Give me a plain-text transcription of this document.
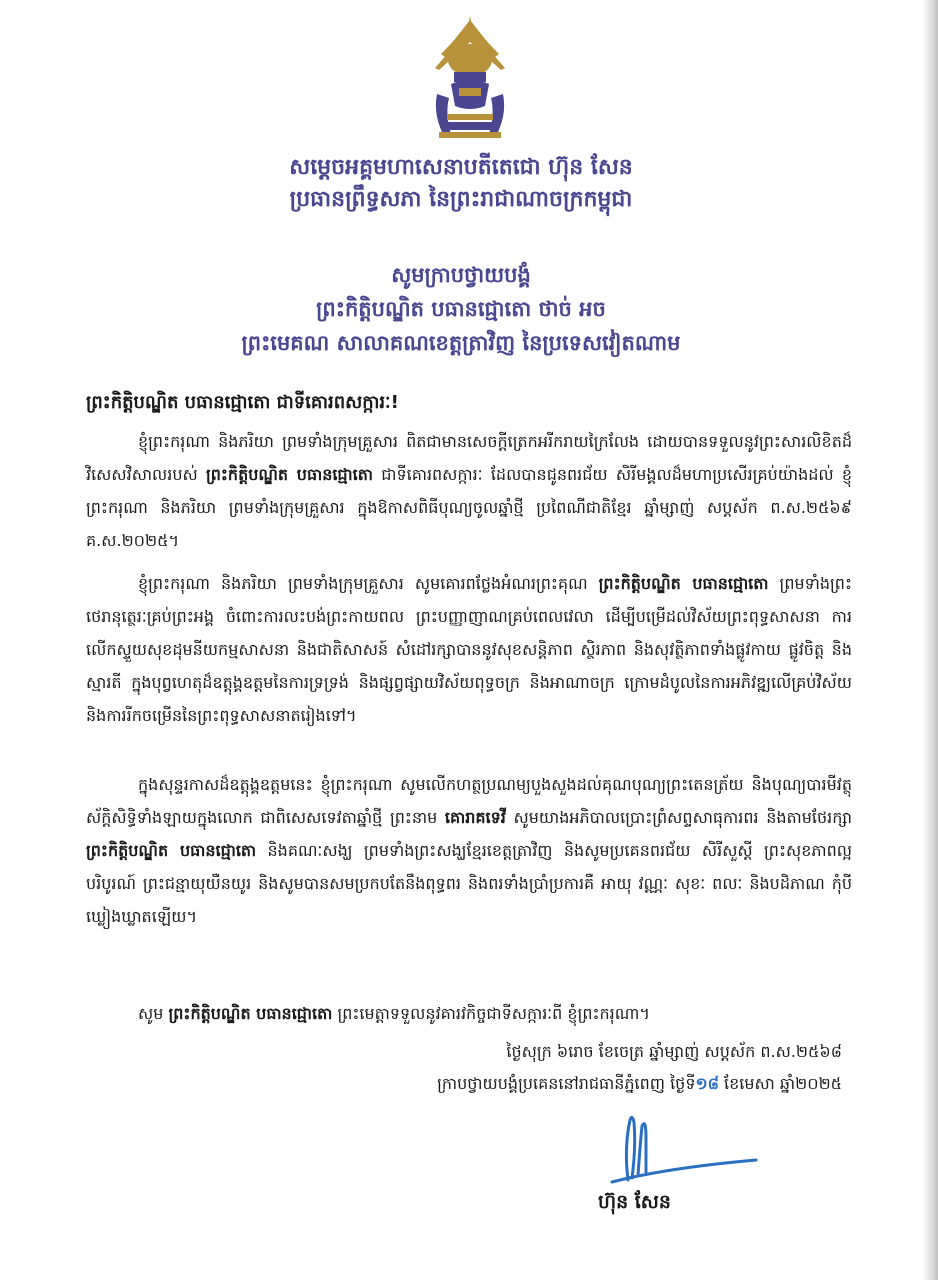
សម្តេចអគ្គមហាសេនាបតីតេជោ ហ៊ុន សែន
ប្រធានព្រឹទ្ធសភា នៃព្រះរាជាណាចក្រកម្ពុជា
សូមក្រាបថ្វាយបង្គំ
ព្រះកិត្តិបណ្ឌិត បធានជ្មោតោ ថាច់ អច
ព្រះមេគណ សាលាគណខេត្តត្រាវិញ នៃប្រទេសវៀតណាម
ព្រះកិត្តិបណ្ឌិត បធានជ្មោតោ ជាទីគោរពសក្ការៈ!
ខ្ញុំព្រះករុណា និងភរិយា ព្រមទាំងក្រុមគ្រួសារ ពិតជាមានសេចក្តីត្រេកអរីករាយក្រៃលែង ដោយបានទទួលនូវព្រះសារលិខិតដ៏វិសេសវិសាលរបស់ ព្រះកិត្តិបណ្ឌិត បធានជ្មោតោ ជាទីគោរពសក្ការៈ ដែលបានជូនពរជ័យ សិរីមង្គលដ៏មហាប្រសើរគ្រប់យ៉ាងដល់ ខ្ញុំព្រះករុណា និងភរិយា ព្រមទាំងក្រុមគ្រួសារ ក្នុងឱកាសពិធីបុណ្យចូលឆ្នាំថ្មី ប្រពៃណីជាតិខ្មែរ ឆ្នាំម្សាញ់ សប្តស័ក ព.ស.២៥៦៩ គ.ស.២០២៥។
ខ្ញុំព្រះករុណា និងភរិយា ព្រមទាំងក្រុមគ្រួសារ សូមគោរពថ្លែងអំណរព្រះគុណ ព្រះកិត្តិបណ្ឌិត បធានជ្មោតោ ព្រមទាំងព្រះថេរានុត្ថេរៈគ្រប់ព្រះអង្គ ចំពោះការលះបង់ព្រះកាយពល ព្រះបញ្ញាញាណគ្រប់ពេលវេលា ដើម្បីបម្រើដល់វិស័យព្រះពុទ្ធសាសនា ការលើកស្ទួយសុខដុមនីយកម្មសាសនា និងជាតិសាសន៍ សំដៅរក្សាបាននូវសុខសន្តិភាព ស្ថិរភាព និងសុវត្ថិភាពទាំងផ្លូវកាយ ផ្លូវចិត្ត និងស្មារតី ក្នុងបុព្វហេតុដ៏ឧត្តុង្គឧត្តមនៃការទ្រទ្រង់ និងផ្សព្វផ្សាយវិស័យពុទ្ធចក្រ និងអាណាចក្រ ក្រោមដំបូលនៃការអភិវឌ្ឍលើគ្រប់វិស័យ និងការរីកចម្រើននៃព្រះពុទ្ធសាសនាតរៀងទៅ។
ក្នុងសុន្ទរកាសដ៏ឧត្តុង្គឧត្តមនេះ ខ្ញុំព្រះករុណា សូមលើកហត្ថប្រណម្យបួងសួងដល់គុណបុណ្យព្រះតេនត្រ័យ និងបុណ្យបារមីវត្ថុស័ក្តិសិទ្ធិទាំងឡាយក្នុងលោក ជាពិសេសទេវតាឆ្នាំថ្មី ព្រះនាម គោរាគទេវី សូមយាងអភិបាលប្រោះព្រំសព្ទសាធុការពរ និងតាមថែរក្សា ព្រះកិត្តិបណ្ឌិត បធានជ្មោតោ និងគណៈសង្ឃ ព្រមទាំងព្រះសង្ឃខ្មែរខេត្តត្រាវិញ និងសូមប្រគេនពរជ័យ សិរីសួស្តី ព្រះសុខភាពល្អបរិបូរណ៍ ព្រះជន្មាយុយឺនយូរ និងសូមបានសមប្រកបតែនឹងពុទ្ធពរ និងពរទាំងប្រាំប្រការគឺ អាយុ វណ្ណៈ សុខៈ ពលៈ និងបដិភាណ កុំបីឃ្លៀងឃ្លាតឡើយ។
សូម ព្រះកិត្តិបណ្ឌិត បធានជ្មោតោ ព្រះមេត្តាទទួលនូវគារវកិច្ចជាទីសក្ការៈពី ខ្ញុំព្រះករុណា។
ថ្ងៃសុក្រ ៦រោច ខែចេត្រ ឆ្នាំម្សាញ់ សប្តស័ក ព.ស.២៥៦៨
ក្រាបថ្វាយបង្គំប្រគេននៅរាជធានីភ្នំពេញ ថ្ងៃទី១៨ ខែមេសា ឆ្នាំ២០២៥
ហ៊ុន សែន
